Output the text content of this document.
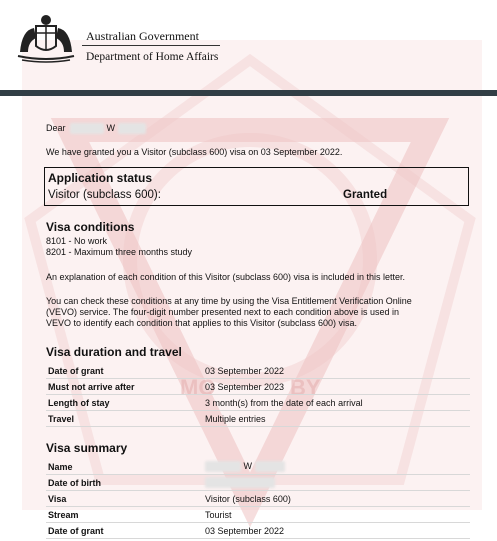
MO	BY
Australian Government
Department of Home Affairs
Dear	W
We have granted you a Visitor (subclass 600) visa on 03 September 2022.
Application status
Visitor (subclass 600):	Granted
Visa conditions
8101 - No work
8201 - Maximum three months study
An explanation of each condition of this Visitor (subclass 600) visa is included in this letter.
You can check these conditions at any time by using the Visa Entitlement Verification Online
(VEVO) service. The four-digit number presented next to each condition above is used in
VEVO to identify each condition that applies to this Visitor (subclass 600) visa.
Visa duration and travel
Date of grant	03 September 2022
Must not arrive after	03 September 2023
Length of stay	3 month(s) from the date of each arrival
Travel	Multiple entries
Visa summary
Name	W
Date of birth	
Visa	Visitor (subclass 600)
Stream	Tourist
Date of grant	03 September 2022
